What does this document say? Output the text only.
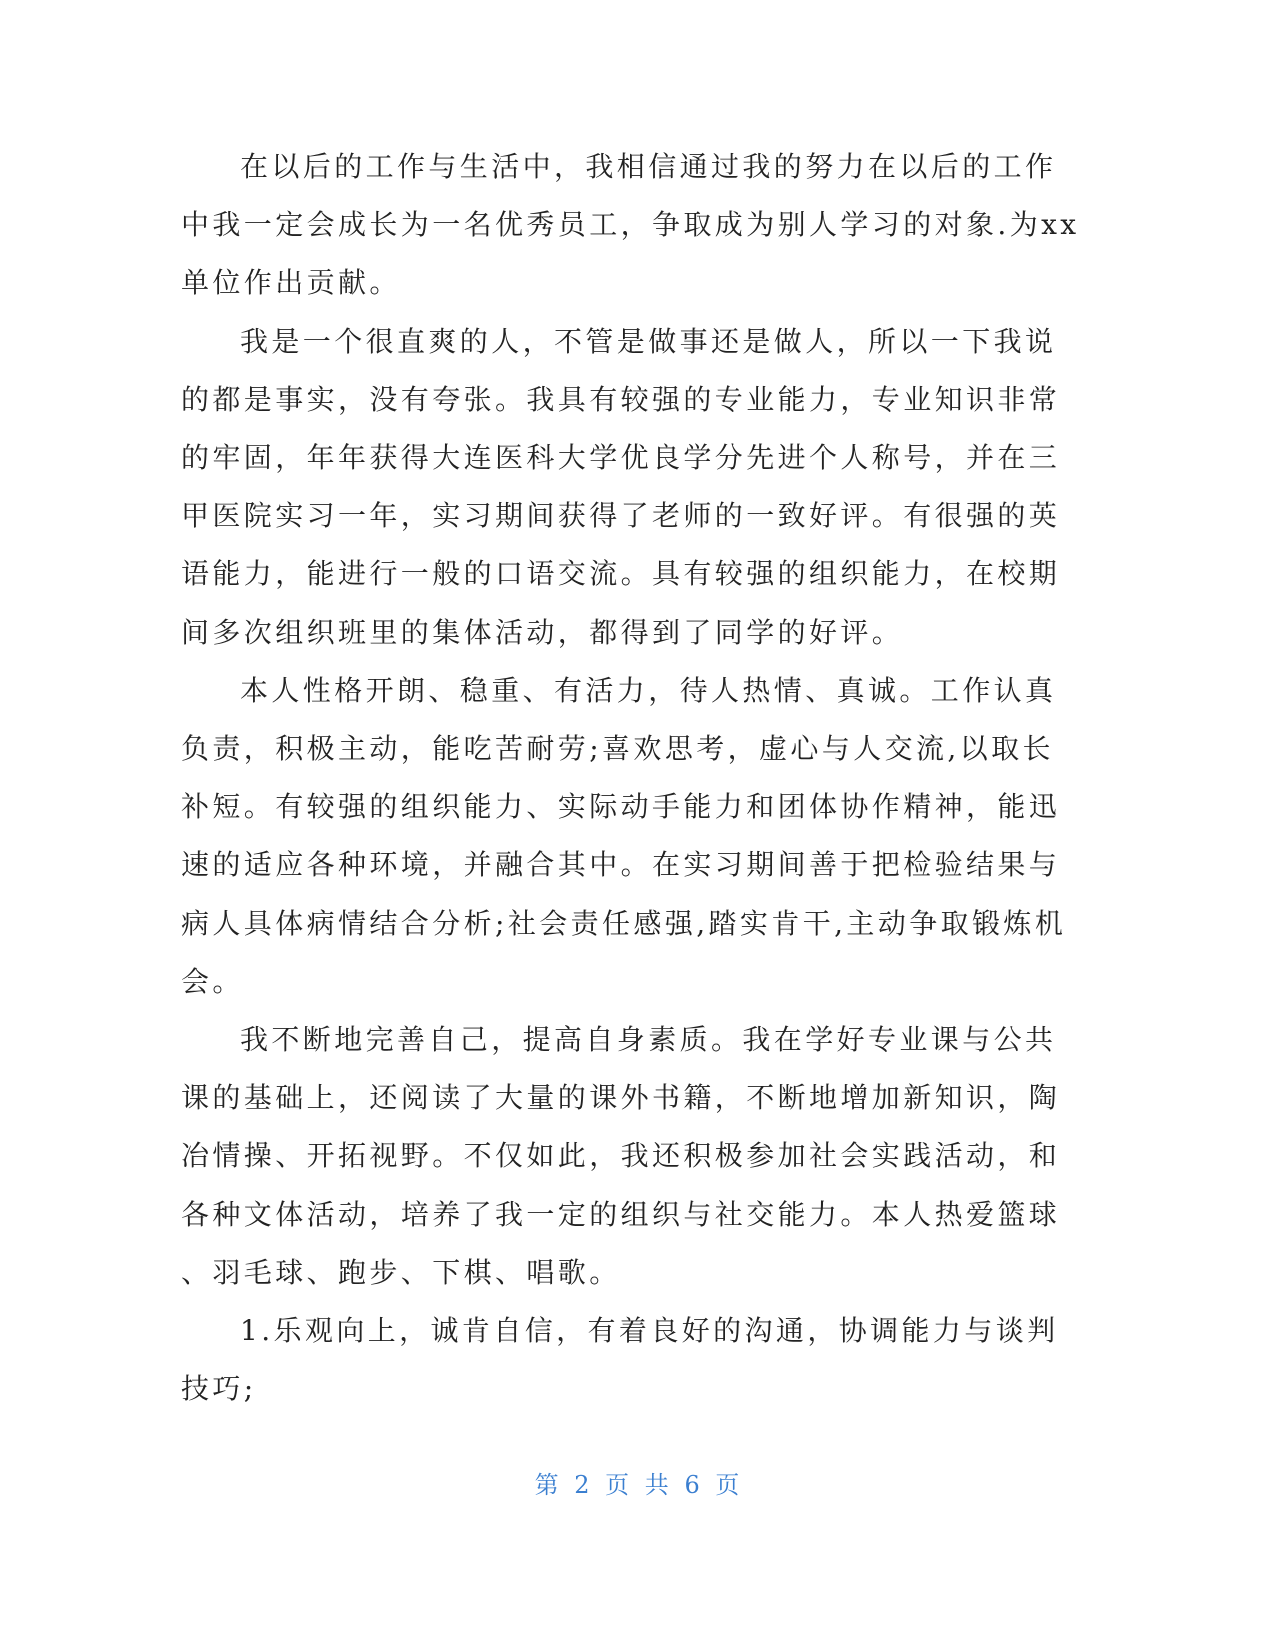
在以后的工作与生活中，我相信通过我的努力在以后的工作
中我一定会成长为一名优秀员工，争取成为别人学习的对象.为xx
单位作出贡献。

我是一个很直爽的人，不管是做事还是做人，所以一下我说
的都是事实，没有夸张。我具有较强的专业能力，专业知识非常
的牢固，年年获得大连医科大学优良学分先进个人称号，并在三
甲医院实习一年，实习期间获得了老师的一致好评。有很强的英
语能力，能进行一般的口语交流。具有较强的组织能力，在校期
间多次组织班里的集体活动，都得到了同学的好评。

本人性格开朗、稳重、有活力，待人热情、真诚。工作认真
负责，积极主动，能吃苦耐劳;喜欢思考，虚心与人交流,以取长
补短。有较强的组织能力、实际动手能力和团体协作精神，能迅
速的适应各种环境，并融合其中。在实习期间善于把检验结果与
病人具体病情结合分析;社会责任感强,踏实肯干,主动争取锻炼机
会。

我不断地完善自己，提高自身素质。我在学好专业课与公共
课的基础上，还阅读了大量的课外书籍，不断地增加新知识，陶
冶情操、开拓视野。不仅如此，我还积极参加社会实践活动，和
各种文体活动，培养了我一定的组织与社交能力。本人热爱篮球
、羽毛球、跑步、下棋、唱歌。

1.乐观向上，诚肯自信，有着良好的沟通，协调能力与谈判
技巧;

第 2 页 共 6 页
